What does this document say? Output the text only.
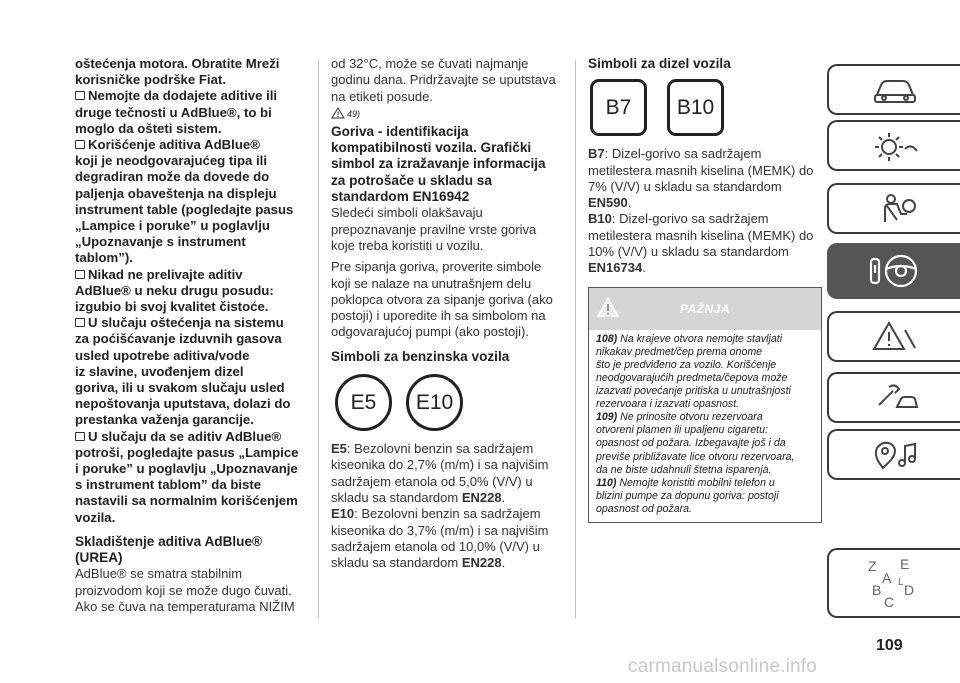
oštećenja motora. Obratite Mreži

korisničke podrške Fiat.

Nemojte da dodajete aditive ili

druge tečnosti u AdBlue®, to bi

moglo da ošteti sistem.

Korišćenje aditiva AdBlue®

koji je neodgovarajućeg tipa ili

degradiran može da dovede do

paljenja obaveštenja na displeju

instrument table (pogledajte pasus

„Lampice i poruke” u poglavlju

„Upoznavanje s instrument

tablom”).

Nikad ne prelivajte aditiv

AdBlue® u neku drugu posudu:

izgubio bi svoj kvalitet čistoće.

U slučaju oštećenja na sistemu

za poćišćavanje izduvnih gasova

usled upotrebe aditiva/vode

iz slavine, uvođenjem dizel

goriva, ili u svakom slučaju usled

nepoštovanja uputstava, dolazi do

prestanka važenja garancije.

U slučaju da se aditiv AdBlue®

potroši, pogledajte pasus „Lampice

i poruke” u poglavlju „Upoznavanje

s instrument tablom” da biste

nastavili sa normalnim korišćenjem

vozila.

Skladištenje aditiva AdBlue®

(UREA)

AdBlue® se smatra stabilnim

proizvodom koji se može dugo čuvati.

Ako se čuva na temperaturama NIŽIM

od 32°C, može se čuvati najmanje

godinu dana. Pridržavajte se uputstava

na etiketi posude.

49)

Goriva - identifikacija

kompatibilnosti vozila. Grafički

simbol za izražavanje informacija

za potrošače u skladu sa

standardom EN16942

Sledeći simboli olakšavaju

prepoznavanje pravilne vrste goriva

koje treba koristiti u vozilu.

Pre sipanja goriva, proverite simbole

koji se nalaze na unutrašnjem delu

poklopca otvora za sipanje goriva (ako

postoji) i uporedite ih sa simbolom na

odgovarajućoj pumpi (ako postoji).

Simboli za benzinska vozila

E5 E10

E5: Bezolovni benzin sa sadržajem

kiseonika do 2,7% (m/m) i sa najvišim

sadržajem etanola od 5,0% (V/V) u

skladu sa standardom EN228.

E10: Bezolovni benzin sa sadržajem

kiseonika do 3,7% (m/m) i sa najvišim

sadržajem etanola od 10,0% (V/V) u

skladu sa standardom EN228.

Simboli za dizel vozila

B7 B10

B7: Dizel-gorivo sa sadržajem

metilestera masnih kiselina (MEMK) do

7% (V/V) u skladu sa standardom

EN590.

B10: Dizel-gorivo sa sadržajem

metilestera masnih kiselina (MEMK) do

10% (V/V) u skladu sa standardom

EN16734.

PAŽNJA

108) Na krajeve otvora nemojte stavljati

nikakav predmet/čep prema onome

što je predviđeno za vozilo. Korišćenje

neodgovarajućih predmeta/čepova može

izazvati povećanje pritiska u unutrašnjosti

rezervoara i izazvati opasnost.

109) Ne prinosite otvoru rezervoara

otvoreni plamen ili upaljenu cigaretu:

opasnost od požara. Izbegavajte još i da

previše približavate lice otvoru rezervoara,

da ne biste udahnuli štetna isparenja.

110) Nemojte koristiti mobilni telefon u

blizini pumpe za dopunu goriva: postoji

opasnost od požara.

Z E
A
B D
C
L
109
carmanualsonline.info
